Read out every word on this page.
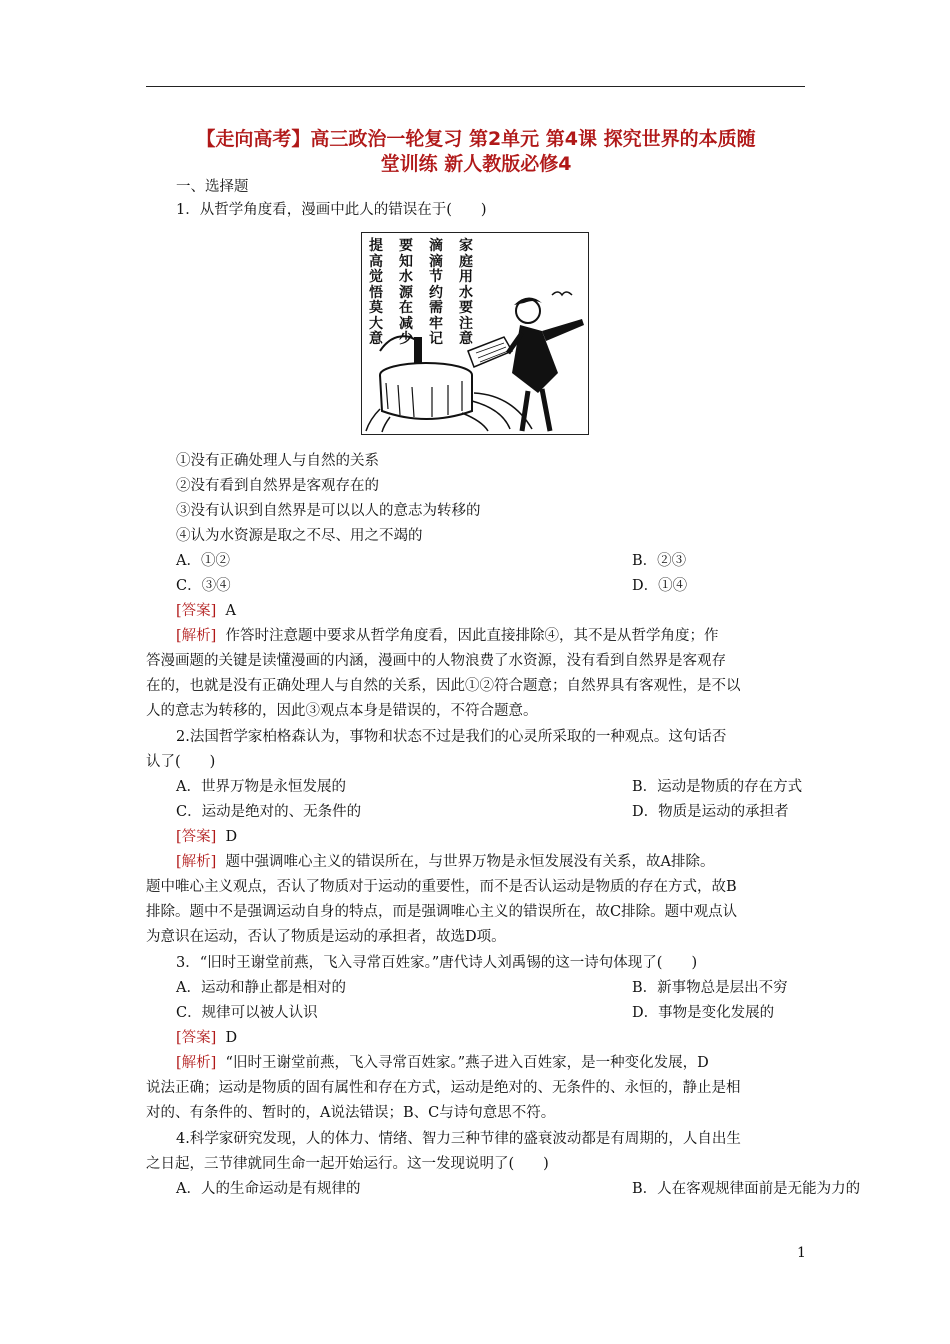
【走向高考】高三政治一轮复习 第2单元 第4课 探究世界的本质随
堂训练 新人教版必修4
一、选择题
1．从哲学角度看，漫画中此人的错误在于(　　)
提
高
觉
悟
莫
大
意
要
知
水
源
在
减
少
滴
滴
节
约
需
牢
记
家
庭
用
水
要
注
意
①没有正确处理人与自然的关系
②没有看到自然界是客观存在的
③没有认识到自然界是可以以人的意志为转移的
④认为水资源是取之不尽、用之不竭的
A．①②	B．②③
C．③④	D．①④
[答案] A
[解析] 作答时注意题中要求从哲学角度看，因此直接排除④，其不是从哲学角度；作
答漫画题的关键是读懂漫画的内涵，漫画中的人物浪费了水资源，没有看到自然界是客观存
在的，也就是没有正确处理人与自然的关系，因此①②符合题意；自然界具有客观性，是不以
人的意志为转移的，因此③观点本身是错误的，不符合题意。
2.法国哲学家柏格森认为，事物和状态不过是我们的心灵所采取的一种观点。这句话否
认了(　　)
A．世界万物是永恒发展的	B．运动是物质的存在方式
C．运动是绝对的、无条件的	D．物质是运动的承担者
[答案] D
[解析] 题中强调唯心主义的错误所在，与世界万物是永恒发展没有关系，故A排除。
题中唯心主义观点，否认了物质对于运动的重要性，而不是否认运动是物质的存在方式，故B
排除。题中不是强调运动自身的特点，而是强调唯心主义的错误所在，故C排除。题中观点认
为意识在运动，否认了物质是运动的承担者，故选D项。
3．“旧时王谢堂前燕，飞入寻常百姓家。”唐代诗人刘禹锡的这一诗句体现了(　　)
A．运动和静止都是相对的	B．新事物总是层出不穷
C．规律可以被人认识	D．事物是变化发展的
[答案] D
[解析] “旧时王谢堂前燕，飞入寻常百姓家。”燕子进入百姓家，是一种变化发展，D
说法正确；运动是物质的固有属性和存在方式，运动是绝对的、无条件的、永恒的，静止是相
对的、有条件的、暂时的，A说法错误；B、C与诗句意思不符。
4.科学家研究发现，人的体力、情绪、智力三种节律的盛衰波动都是有周期的，人自出生
之日起，三节律就同生命一起开始运行。这一发现说明了(　　)
A．人的生命运动是有规律的	B．人在客观规律面前是无能为力的
1
